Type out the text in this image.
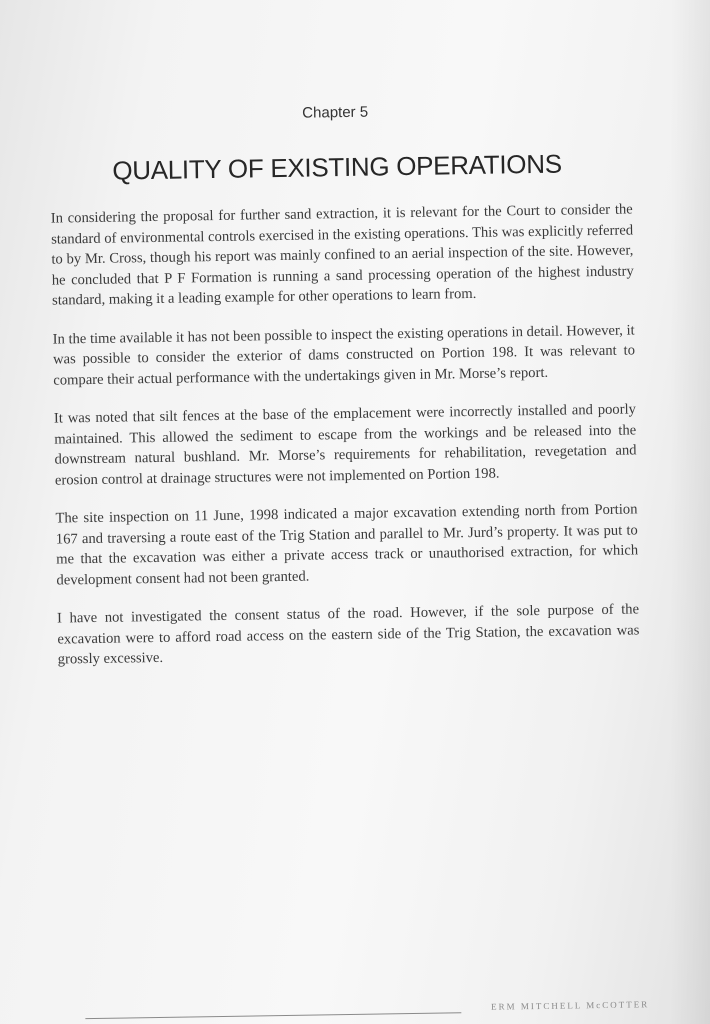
Chapter 5
QUALITY OF EXISTING OPERATIONS

In considering the proposal for further sand extraction, it is relevant for the Court to consider the standard of environmental controls exercised in the existing operations. This was explicitly referred to by Mr. Cross, though his report was mainly confined to an aerial inspection of the site. However, he concluded that P F Formation is running a sand processing operation of the highest industry standard, making it a leading example for other operations to learn from.

In the time available it has not been possible to inspect the existing operations in detail. However, it was possible to consider the exterior of dams constructed on Portion 198. It was relevant to compare their actual performance with the undertakings given in Mr. Morse’s report.

It was noted that silt fences at the base of the emplacement were incorrectly installed and poorly maintained. This allowed the sediment to escape from the workings and be released into the downstream natural bushland. Mr. Morse’s requirements for rehabilitation, revegetation and erosion control at drainage structures were not implemented on Portion 198.

The site inspection on 11 June, 1998 indicated a major excavation extending north from Portion 167 and traversing a route east of the Trig Station and parallel to Mr. Jurd’s property. It was put to me that the excavation was either a private access track or unauthorised extraction, for which development consent had not been granted.

I have not investigated the consent status of the road. However, if the sole purpose of the excavation were to afford road access on the eastern side of the Trig Station, the excavation was grossly excessive.

ERM MITCHELL McCOTTER
